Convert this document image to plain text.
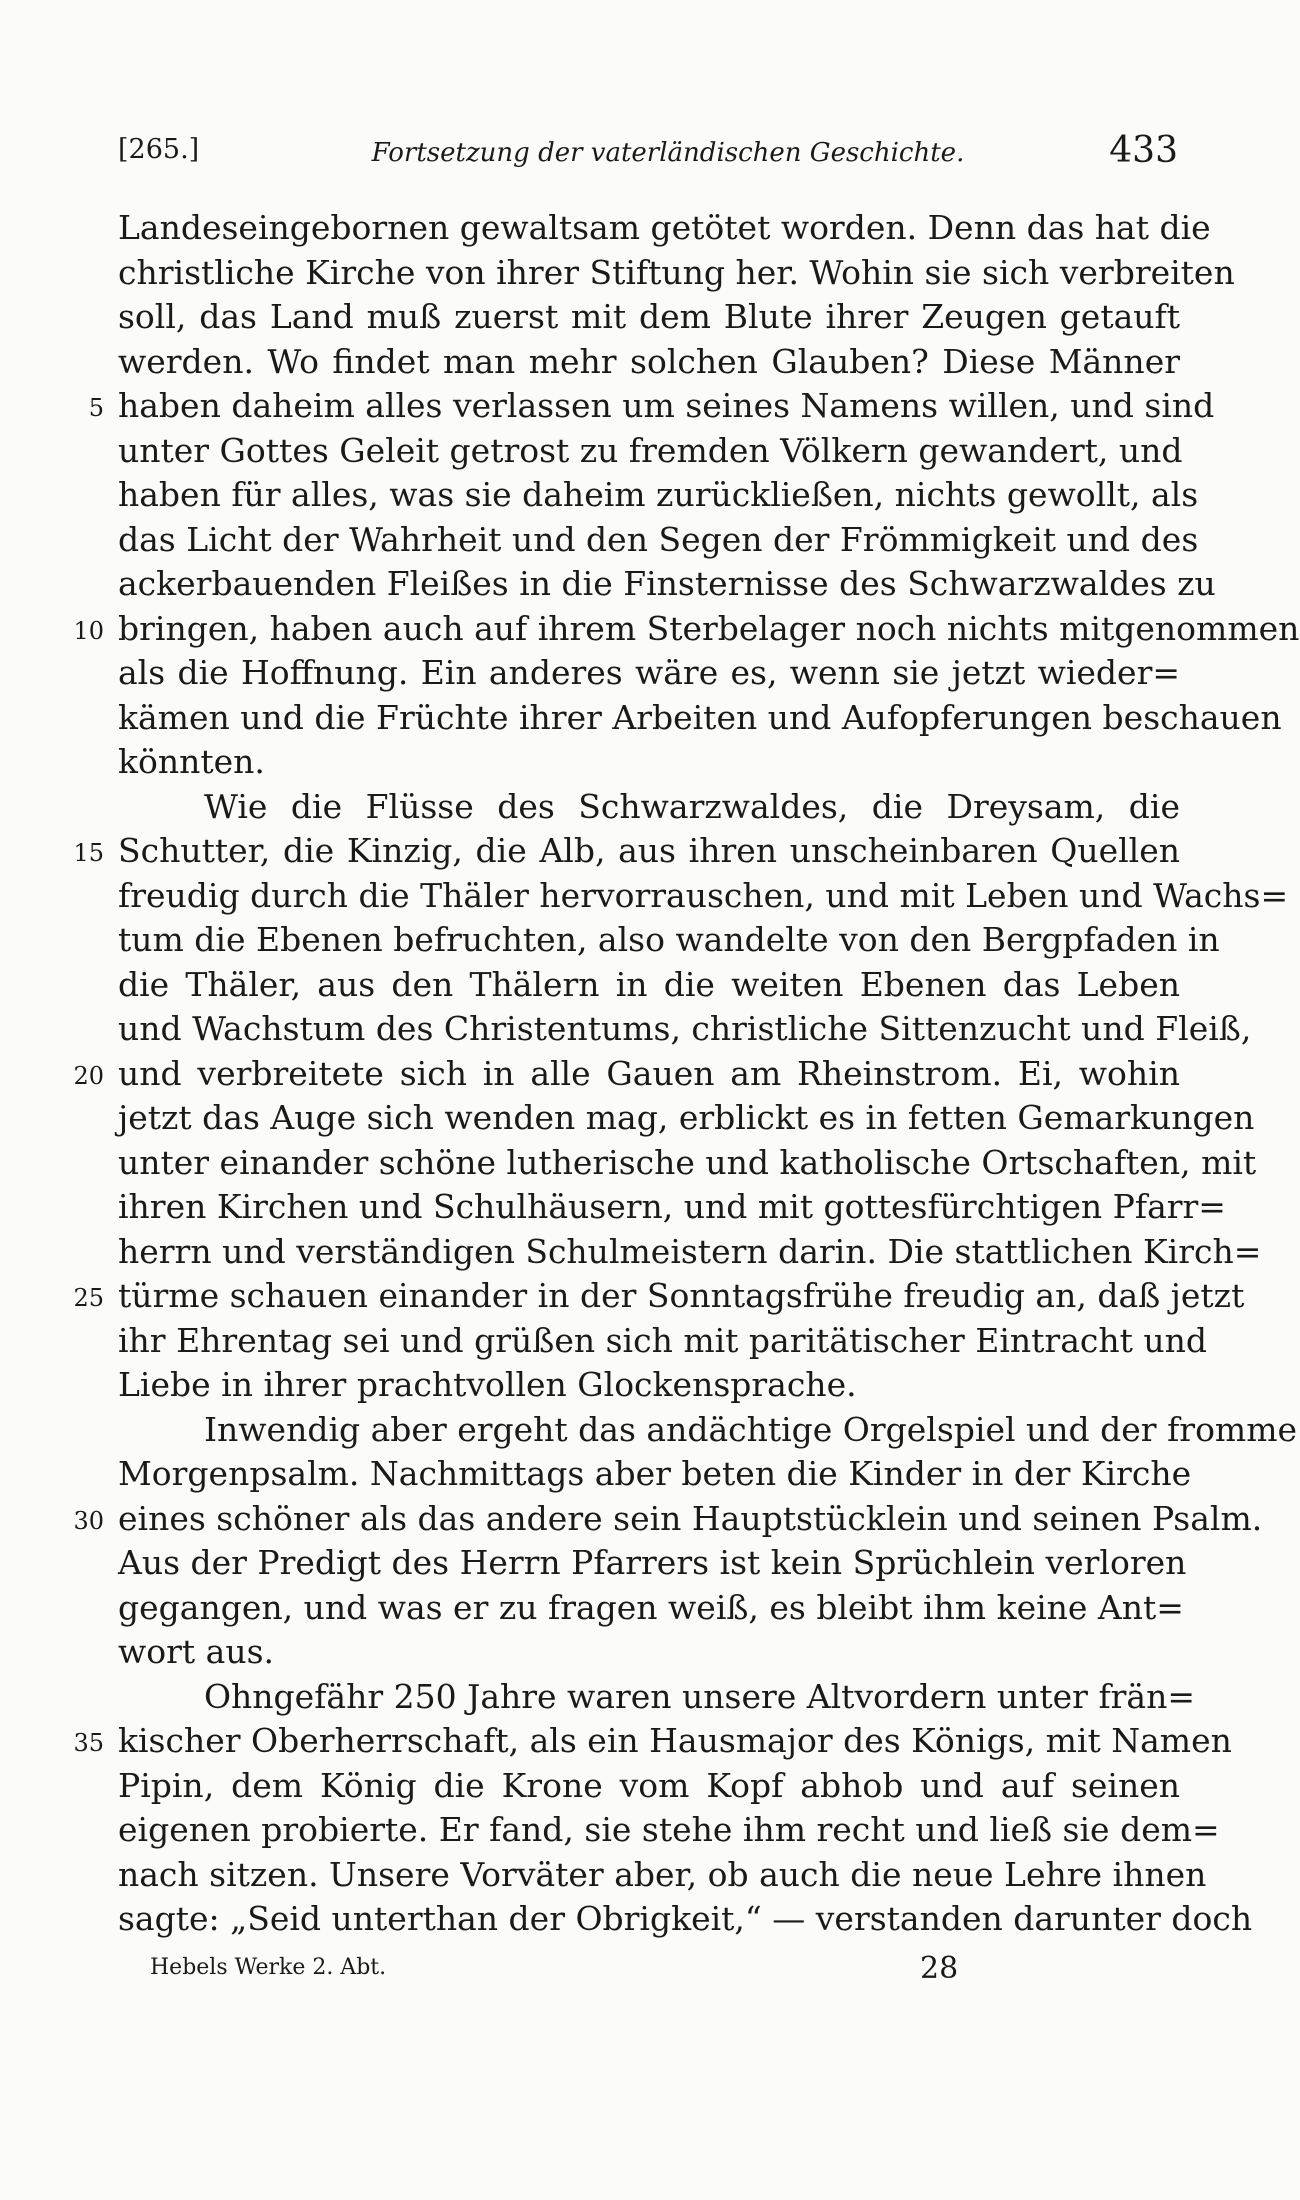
[265.]	Fortsetzung der vaterländischen Geschichte.	433
Landeseingebornen gewaltsam getötet worden. Denn das hat die
christliche Kirche von ihrer Stiftung her. Wohin sie sich verbreiten
soll, das Land muß zuerst mit dem Blute ihrer Zeugen getauft
werden. Wo findet man mehr solchen Glauben? Diese Männer
5 haben daheim alles verlassen um seines Namens willen, und sind
unter Gottes Geleit getrost zu fremden Völkern gewandert, und
haben für alles, was sie daheim zurückließen, nichts gewollt, als
das Licht der Wahrheit und den Segen der Frömmigkeit und des
ackerbauenden Fleißes in die Finsternisse des Schwarzwaldes zu
10 bringen, haben auch auf ihrem Sterbelager noch nichts mitgenommen
als die Hoffnung. Ein anderes wäre es, wenn sie jetzt wieder=
kämen und die Früchte ihrer Arbeiten und Aufopferungen beschauen
könnten.
Wie die Flüsse des Schwarzwaldes, die Dreysam, die
15 Schutter, die Kinzig, die Alb, aus ihren unscheinbaren Quellen
freudig durch die Thäler hervorrauschen, und mit Leben und Wachs=
tum die Ebenen befruchten, also wandelte von den Bergpfaden in
die Thäler, aus den Thälern in die weiten Ebenen das Leben
und Wachstum des Christentums, christliche Sittenzucht und Fleiß,
20 und verbreitete sich in alle Gauen am Rheinstrom. Ei, wohin
jetzt das Auge sich wenden mag, erblickt es in fetten Gemarkungen
unter einander schöne lutherische und katholische Ortschaften, mit
ihren Kirchen und Schulhäusern, und mit gottesfürchtigen Pfarr=
herrn und verständigen Schulmeistern darin. Die stattlichen Kirch=
25 türme schauen einander in der Sonntagsfrühe freudig an, daß jetzt
ihr Ehrentag sei und grüßen sich mit paritätischer Eintracht und
Liebe in ihrer prachtvollen Glockensprache.
Inwendig aber ergeht das andächtige Orgelspiel und der fromme
Morgenpsalm. Nachmittags aber beten die Kinder in der Kirche
30 eines schöner als das andere sein Hauptstücklein und seinen Psalm.
Aus der Predigt des Herrn Pfarrers ist kein Sprüchlein verloren
gegangen, und was er zu fragen weiß, es bleibt ihm keine Ant=
wort aus.
Ohngefähr 250 Jahre waren unsere Altvordern unter frän=
35 kischer Oberherrschaft, als ein Hausmajor des Königs, mit Namen
Pipin, dem König die Krone vom Kopf abhob und auf seinen
eigenen probierte. Er fand, sie stehe ihm recht und ließ sie dem=
nach sitzen. Unsere Vorväter aber, ob auch die neue Lehre ihnen
sagte: „Seid unterthan der Obrigkeit,“ — verstanden darunter doch
Hebels Werke 2. Abt.	28
